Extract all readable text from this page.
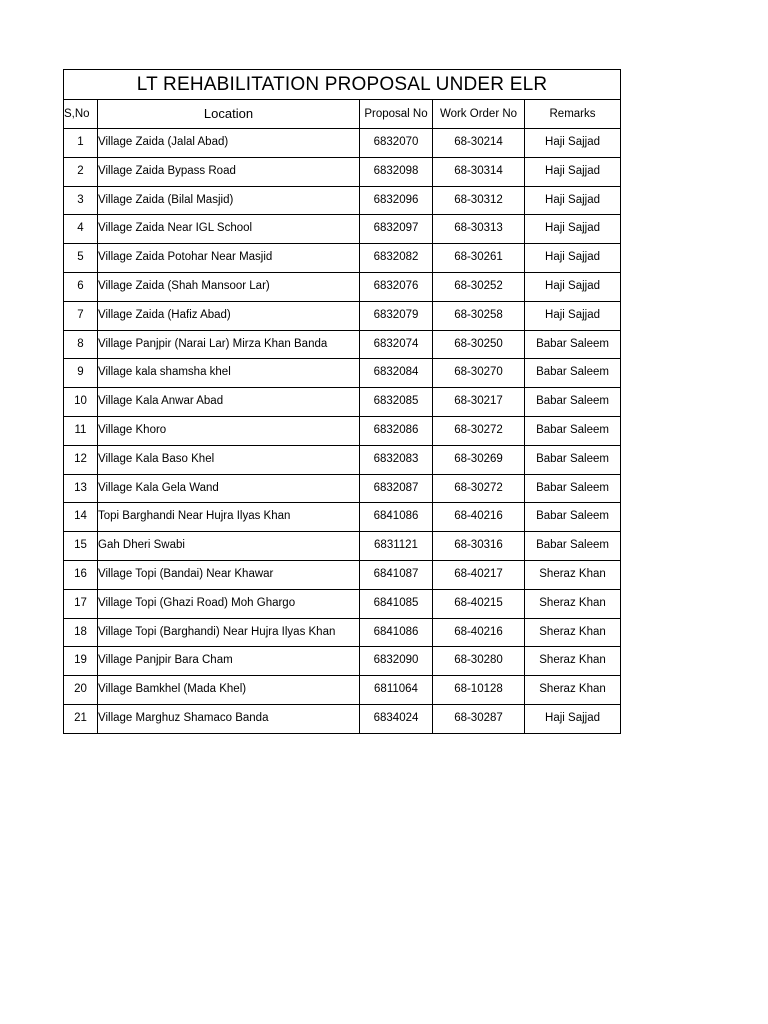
LT REHABILITATION PROPOSAL UNDER ELR				
S,No	Location	Proposal No	Work Order No	Remarks
1	Village Zaida (Jalal Abad)	6832070	68-30214	Haji Sajjad
2	Village Zaida Bypass Road	6832098	68-30314	Haji Sajjad
3	Village Zaida (Bilal Masjid)	6832096	68-30312	Haji Sajjad
4	Village Zaida Near IGL School	6832097	68-30313	Haji Sajjad
5	Village Zaida Potohar Near Masjid	6832082	68-30261	Haji Sajjad
6	Village Zaida (Shah Mansoor Lar)	6832076	68-30252	Haji Sajjad
7	Village Zaida (Hafiz Abad)	6832079	68-30258	Haji Sajjad
8	Village Panjpir (Narai Lar) Mirza Khan Banda	6832074	68-30250	Babar Saleem
9	Village kala shamsha khel	6832084	68-30270	Babar Saleem
10	Village Kala Anwar Abad	6832085	68-30217	Babar Saleem
11	Village Khoro	6832086	68-30272	Babar Saleem
12	Village Kala Baso Khel	6832083	68-30269	Babar Saleem
13	Village Kala Gela Wand	6832087	68-30272	Babar Saleem
14	Topi Barghandi Near Hujra Ilyas Khan	6841086	68-40216	Babar Saleem
15	Gah Dheri Swabi	6831121	68-30316	Babar Saleem
16	Village Topi (Bandai) Near Khawar	6841087	68-40217	Sheraz Khan
17	Village Topi (Ghazi Road) Moh Ghargo	6841085	68-40215	Sheraz Khan
18	Village Topi (Barghandi) Near Hujra Ilyas Khan	6841086	68-40216	Sheraz Khan
19	Village Panjpir Bara Cham	6832090	68-30280	Sheraz Khan
20	Village Bamkhel (Mada Khel)	6811064	68-10128	Sheraz Khan
21	Village Marghuz Shamaco Banda	6834024	68-30287	Haji Sajjad
